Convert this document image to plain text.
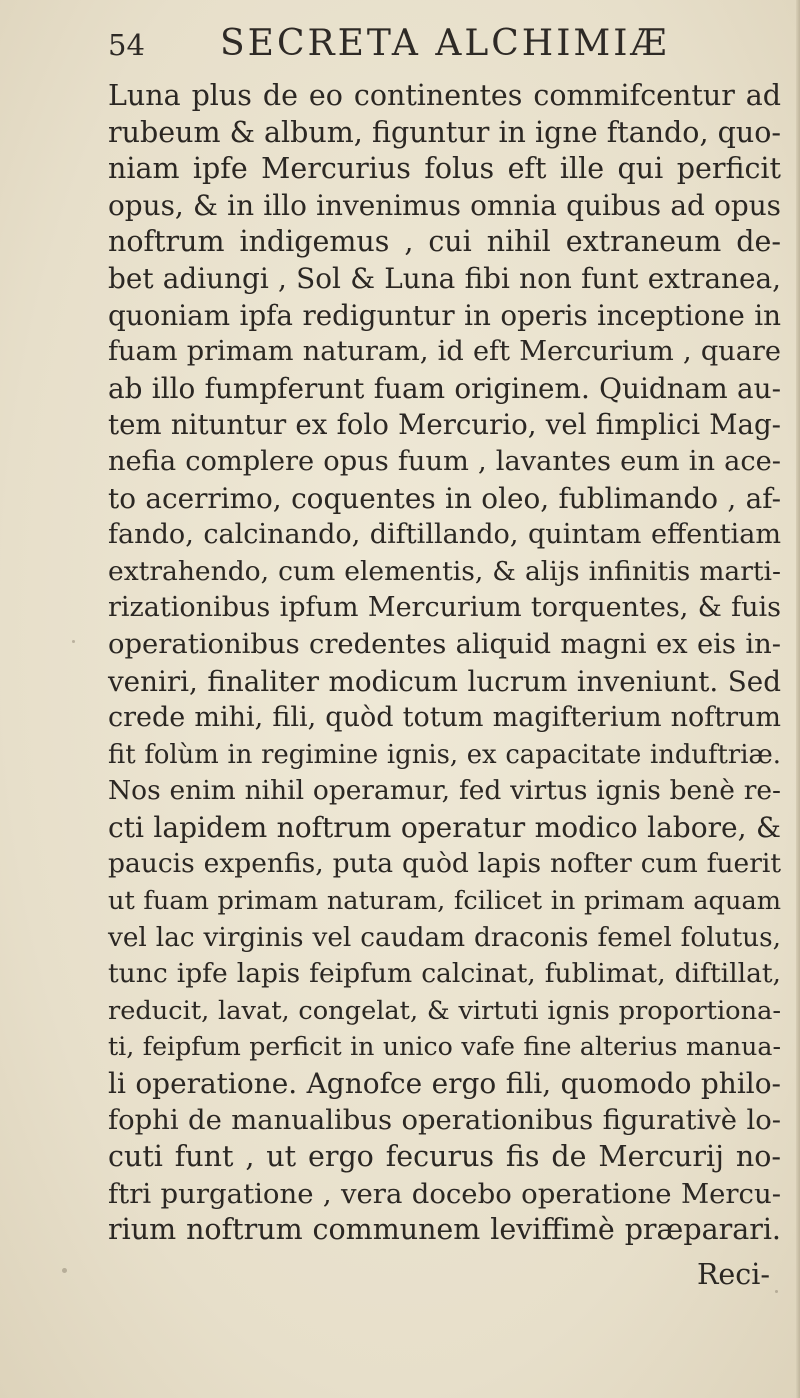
54 SECRETA ALCHIMIÆ
Luna plus de eo continentes commifcentur ad
rubeum & album, figuntur in igne ftando, quo-
niam ipfe Mercurius folus eft ille qui perficit
opus, & in illo invenimus omnia quibus ad opus
noftrum indigemus , cui nihil extraneum de-
bet adiungi , Sol & Luna fibi non funt extranea,
quoniam ipfa rediguntur in operis inceptione in
fuam primam naturam, id eft Mercurium , quare
ab illo fumpferunt fuam originem. Quidnam au-
tem nituntur ex folo Mercurio, vel fimplici Mag-
nefia complere opus fuum , lavantes eum in ace-
to acerrimo, coquentes in oleo, fublimando , af-
fando, calcinando, diftillando, quintam effentiam
extrahendo, cum elementis, & alijs infinitis marti-
rizationibus ipfum Mercurium torquentes, & fuis
operationibus credentes aliquid magni ex eis in-
veniri, finaliter modicum lucrum inveniunt. Sed
crede mihi, fili, quòd totum magifterium noftrum
fit folùm in regimine ignis, ex capacitate induftriæ.
Nos enim nihil operamur, fed virtus ignis benè re-
cti lapidem noftrum operatur modico labore, &
paucis expenfis, puta quòd lapis nofter cum fuerit
ut fuam primam naturam, fcilicet in primam aquam
vel lac virginis vel caudam draconis femel folutus,
tunc ipfe lapis feipfum calcinat, fublimat, diftillat,
reducit, lavat, congelat, & virtuti ignis proportiona-
ti, feipfum perficit in unico vafe fine alterius manua-
li operatione. Agnofce ergo fili, quomodo philo-
fophi de manualibus operationibus figurativè lo-
cuti funt , ut ergo fecurus fis de Mercurij no-
ftri purgatione , vera docebo operatione Mercu-
rium noftrum communem leviffimè præparari.
Reci-
